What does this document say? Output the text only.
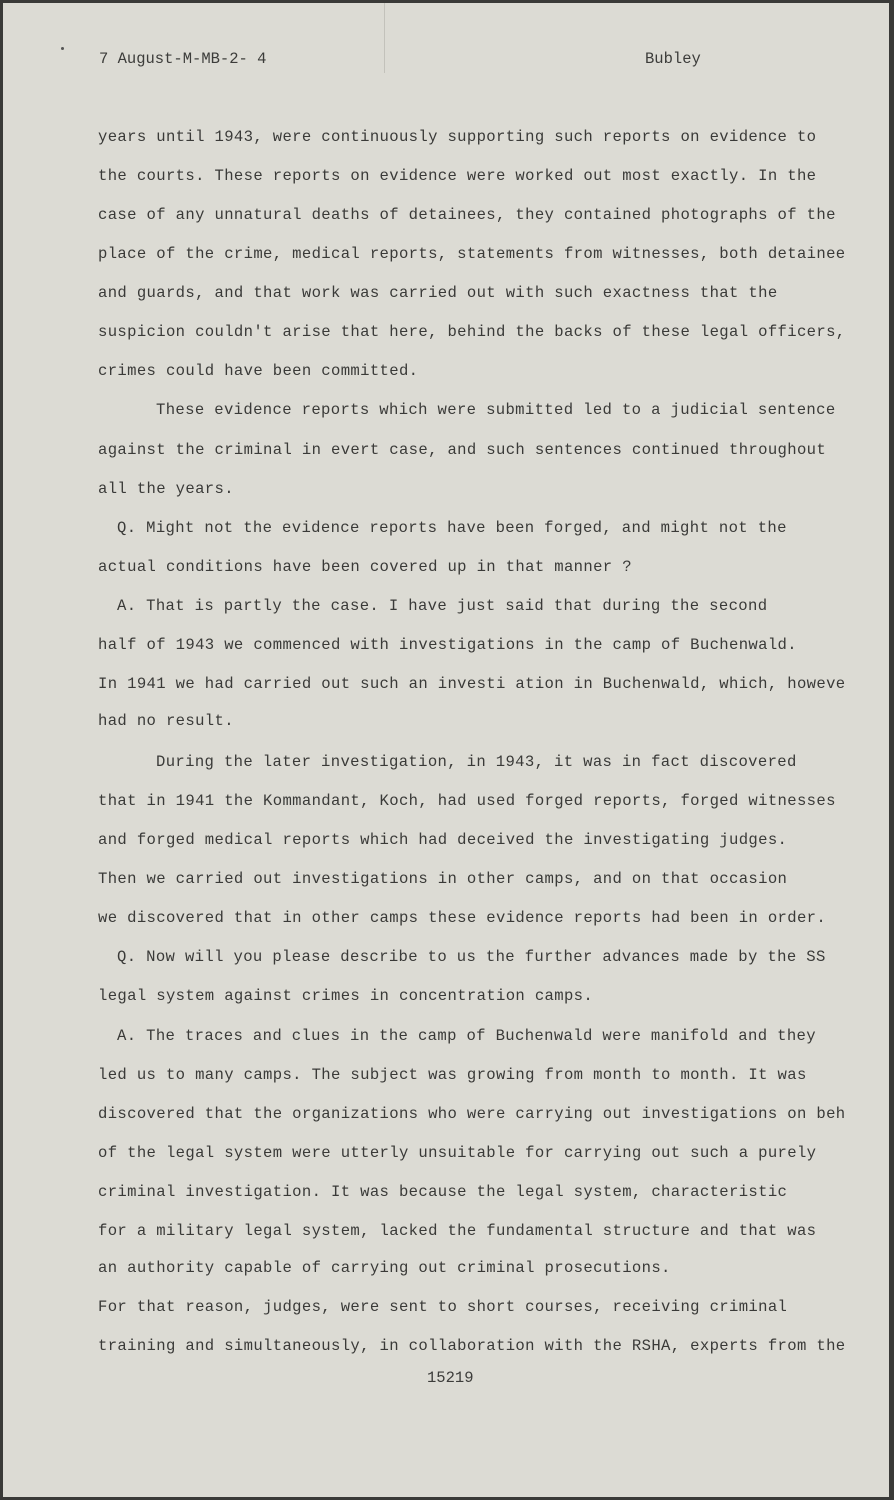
7 August-M-MB-2- 4	Bubley
years until 1943, were continuously supporting such reports on evidence to
the courts. These reports on evidence were worked out most exactly. In the
case of any unnatural deaths of detainees, they contained photographs of the
place of the crime, medical reports, statements from witnesses, both detainee
and guards, and that work was carried out with such exactness that the
suspicion couldn't arise that here, behind the backs of these legal officers,
crimes could have been committed.
These evidence reports which were submitted led to a judicial sentence
against the criminal in evert case, and such sentences continued throughout
all the years.
Q. Might not the evidence reports have been forged, and might not the
actual conditions have been covered up in that manner ?
A. That is partly the case. I have just said that during the second
half of 1943 we commenced with investigations in the camp of Buchenwald.
In 1941 we had carried out such an investi ation in Buchenwald, which, howeve
had no result.
During the later investigation, in 1943, it was in fact discovered
that in 1941 the Kommandant, Koch, had used forged reports, forged witnesses
and forged medical reports which had deceived the investigating judges.
Then we carried out investigations in other camps, and on that occasion
we discovered that in other camps these evidence reports had been in order.
Q. Now will you please describe to us the further advances made by the SS
legal system against crimes in concentration camps.
A. The traces and clues in the camp of Buchenwald were manifold and they
led us to many camps. The subject was growing from month to month. It was
discovered that the organizations who were carrying out investigations on beh
of the legal system were utterly unsuitable for carrying out such a purely
criminal investigation. It was because the legal system, characteristic
for a military legal system, lacked the fundamental structure and that was
an authority capable of carrying out criminal prosecutions.
For that reason, judges, were sent to short courses, receiving criminal
training and simultaneously, in collaboration with the RSHA, experts from the
15219
